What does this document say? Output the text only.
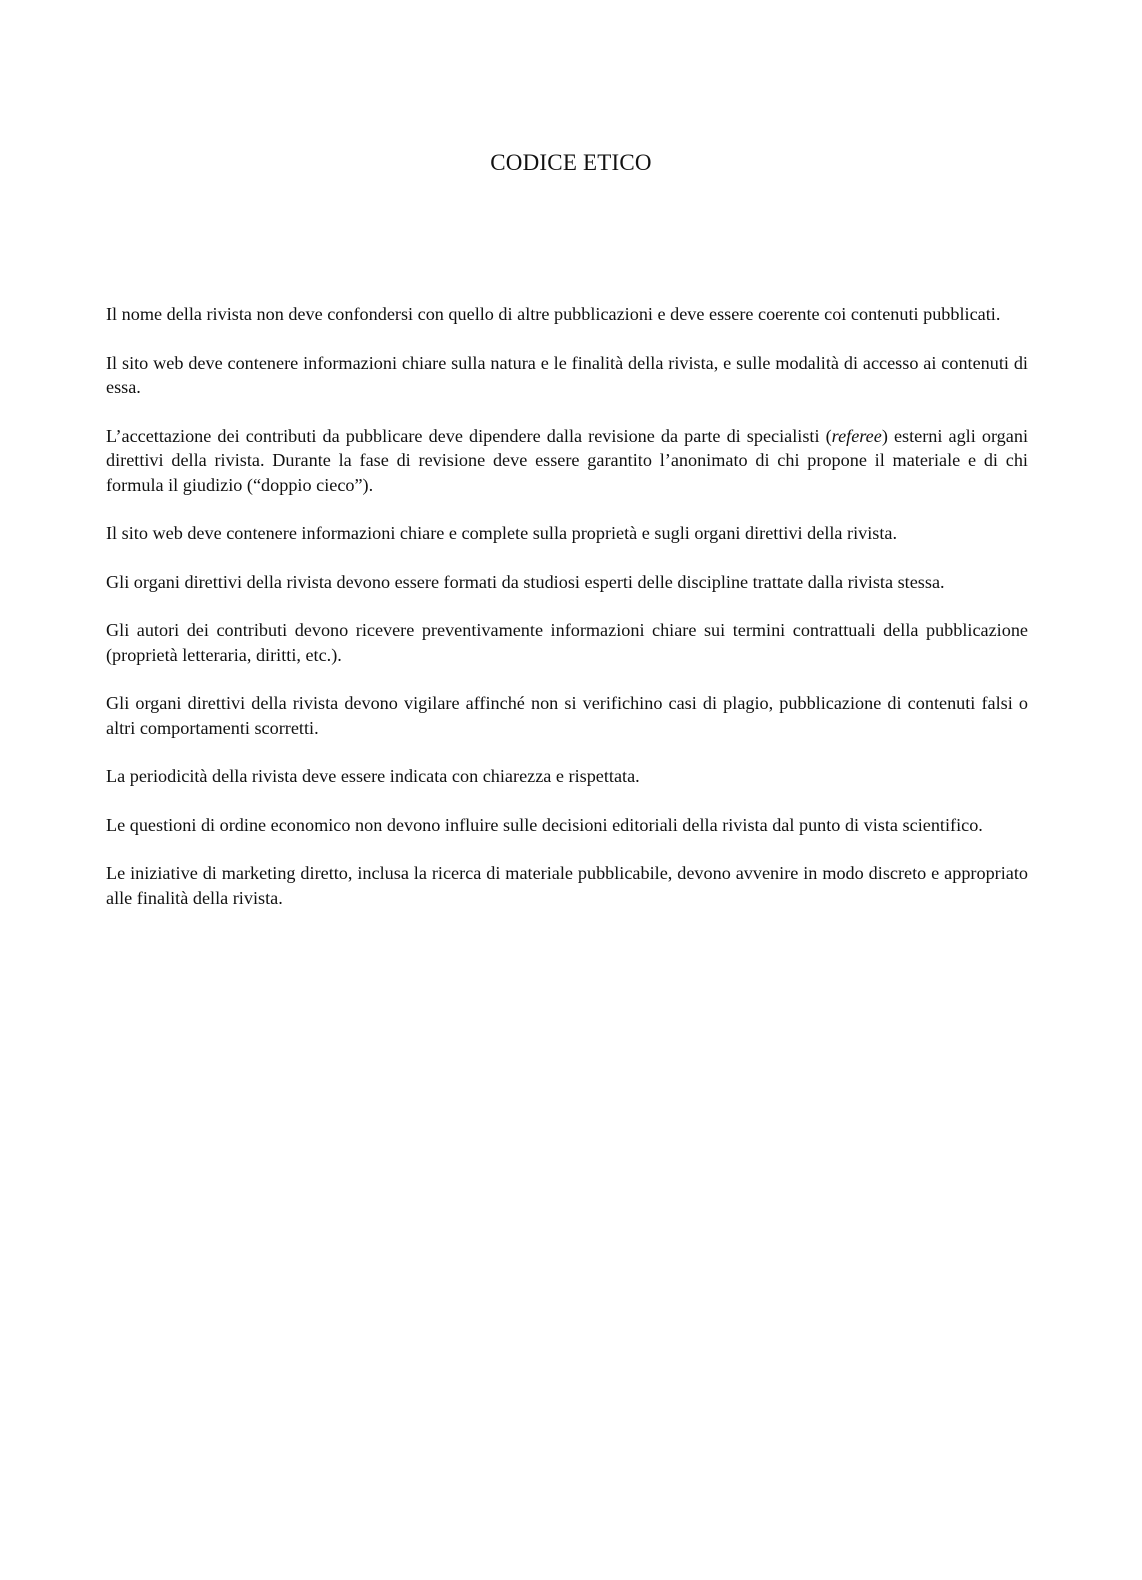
CODICE ETICO

Il nome della rivista non deve confondersi con quello di altre pubblicazioni e deve essere coerente coi contenuti pubblicati.

Il sito web deve contenere informazioni chiare sulla natura e le finalità della rivista, e sulle modalità di accesso ai contenuti di essa.

L’accettazione dei contributi da pubblicare deve dipendere dalla revisione da parte di specialisti (referee) esterni agli organi direttivi della rivista. Durante la fase di revisione deve essere garantito l’anonimato di chi propone il materiale e di chi formula il giudizio (“doppio cieco”).

Il sito web deve contenere informazioni chiare e complete sulla proprietà e sugli organi direttivi della rivista.

Gli organi direttivi della rivista devono essere formati da studiosi esperti delle discipline trattate dalla rivista stessa.

Gli autori dei contributi devono ricevere preventivamente informazioni chiare sui termini contrattuali della pubblicazione (proprietà letteraria, diritti, etc.).

Gli organi direttivi della rivista devono vigilare affinché non si verifichino casi di plagio, pubblicazione di contenuti falsi o altri comportamenti scorretti.

La periodicità della rivista deve essere indicata con chiarezza e rispettata.

Le questioni di ordine economico non devono influire sulle decisioni editoriali della rivista dal punto di vista scientifico.

Le iniziative di marketing diretto, inclusa la ricerca di materiale pubblicabile, devono avvenire in modo discreto e appropriato alle finalità della rivista.
